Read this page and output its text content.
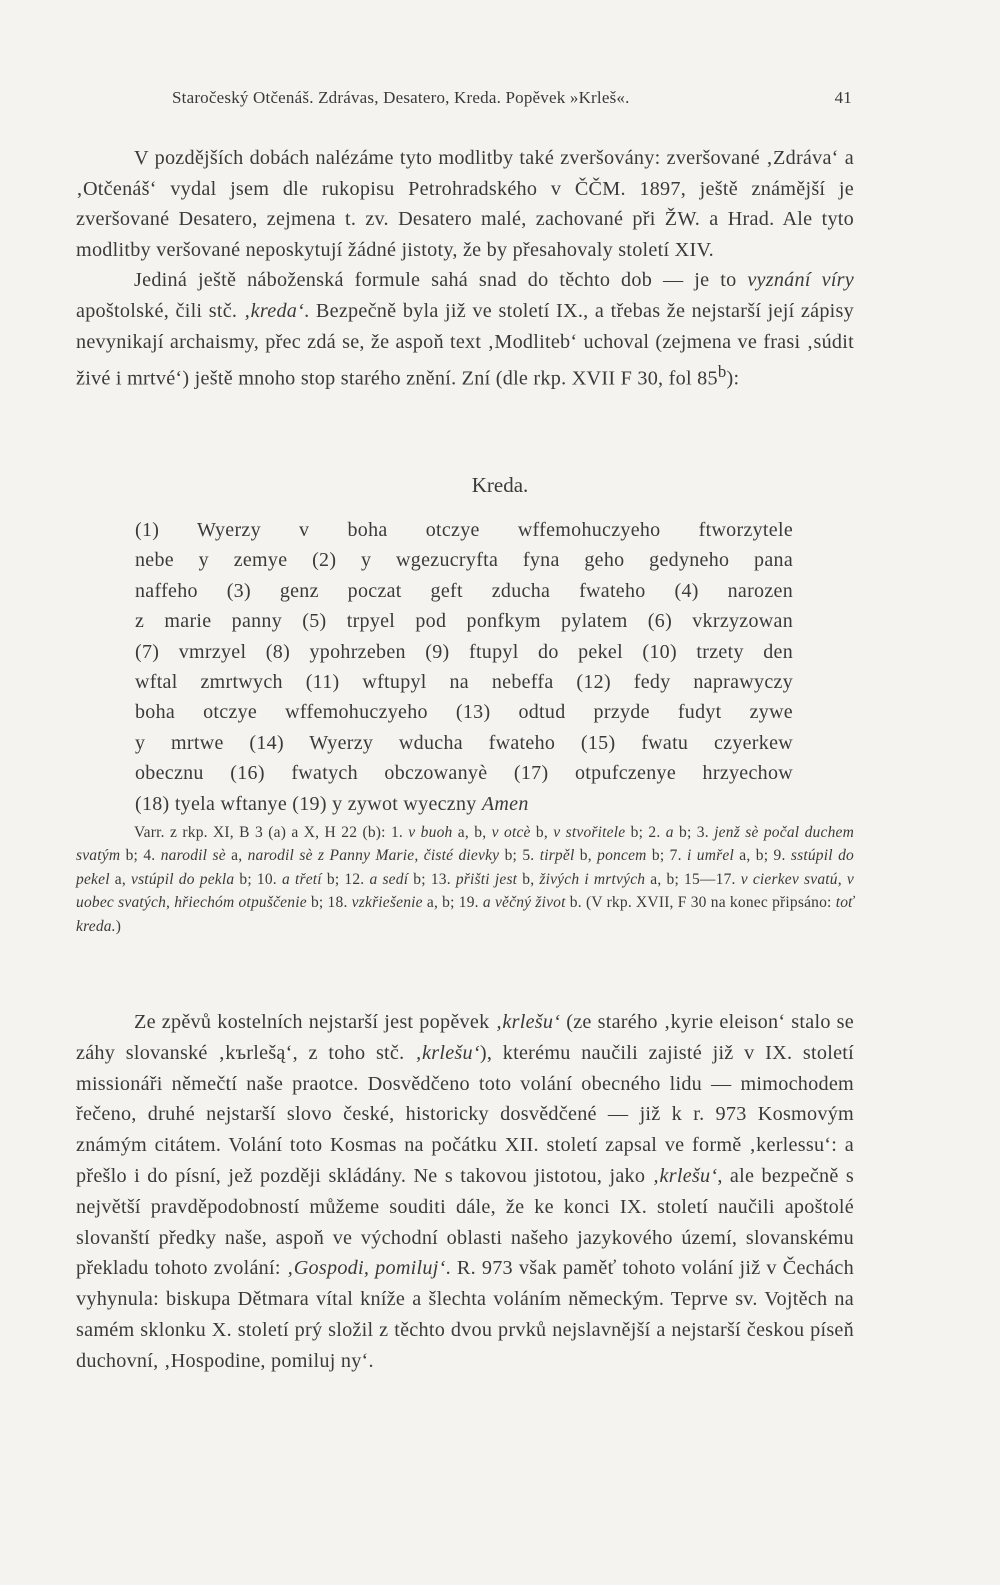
Staročeský Otčenáš. Zdrávas, Desatero, Kreda. Popěvek »Krleš«.	41

V pozdějších dobách nalézáme tyto modlitby také zveršovány: zveršované ‚Zdráva‘ a ‚Otčenáš‘ vydal jsem dle rukopisu Petrohradského v ČČM. 1897, ještě známější je zveršované Desatero, zejmena t. zv. Desatero malé, zachované při ŽW. a Hrad. Ale tyto modlitby veršované neposkytují žádné jistoty, že by přesahovaly století XIV.

Jediná ještě náboženská formule sahá snad do těchto dob — je to vyznání víry apoštolské, čili stč. ‚kreda‘. Bezpečně byla již ve století IX., a třebas že nejstarší její zápisy nevynikají archaismy, přec zdá se, že aspoň text ‚Modliteb‘ uchoval (zejmena ve frasi ‚súdit živé i mrtvé‘) ještě mnoho stop starého znění. Zní (dle rkp. XVII F 30, fol 85$^b$):

Kreda.
(1) Wyerzy v boha otczye wffemohuczyeho ftworzytele
nebe y zemye (2) y wgezucryfta fyna geho gedyneho pana
naffeho (3) genz poczat geft zducha fwateho (4) narozen
z marie panny (5) trpyel pod ponfkym pylatem (6) vkrzyzowan
(7) vmrzyel (8) ypohrzeben (9) ftupyl do pekel (10) trzety den
wftal zmrtwych (11) wftupyl na nebeffa (12) fedy naprawyczy
boha otczye wffemohuczyeho (13) odtud przyde fudyt zywe
y mrtwe (14) Wyerzy wducha fwateho (15) fwatu czyerkew
obecznu (16) fwatych obczowanyè (17) otpufczenye hrzyechow
(18) tyela wftanye (19) y zywot wyeczny Amen

Varr. z rkp. XI, B 3 (a) a X, H 22 (b): 1. v buoh a, b, v otcè b, v stvořitele b; 2. a b; 3. jenž sè počal duchem svatým b; 4. narodil sè a, narodil sè z Panny Marie, čisté dievky b; 5. tirpěl b, poncem b; 7. i umřel a, b; 9. sstúpil do pekel a, vstúpil do pekla b; 10. a třetí b; 12. a sedí b; 13. přišti jest b, živých i mrtvých a, b; 15—17. v cierkev svatú, v uobec svatých, hřiechóm otpuščenie b; 18. vzkřiešenie a, b; 19. a věčný život b. (V rkp. XVII, F 30 na konec připsáno: toť kreda.)

Ze zpěvů kostelních nejstarší jest popěvek ‚krlešu‘ (ze starého ‚kyrie eleison‘ stalo se záhy slovanské ‚kъrlešą‘, z toho stč. ‚krlešu‘), kterému naučili zajisté již v IX. století missionáři němečtí naše praotce. Dosvědčeno toto volání obecného lidu — mimochodem řečeno, druhé nejstarší slovo české, historicky dosvědčené — již k r. 973 Kosmovým známým citátem. Volání toto Kosmas na počátku XII. století zapsal ve formě ‚kerlessu‘: a přešlo i do písní, jež později skládány. Ne s takovou jistotou, jako ‚krlešu‘, ale bezpečně s největší pravděpodobností můžeme souditi dále, že ke konci IX. století naučili apoštolé slovanští předky naše, aspoň ve východní oblasti našeho jazykového území, slovanskému překladu tohoto zvolání: ‚Gospodi, pomiluj‘. R. 973 však paměť tohoto volání již v Čechách vyhynula: biskupa Dětmara vítal kníže a šlechta voláním německým. Teprve sv. Vojtěch na samém sklonku X. století prý složil z těchto dvou prvků nejslavnější a nejstarší českou píseň duchovní, ‚Hospodine, pomiluj ny‘.
